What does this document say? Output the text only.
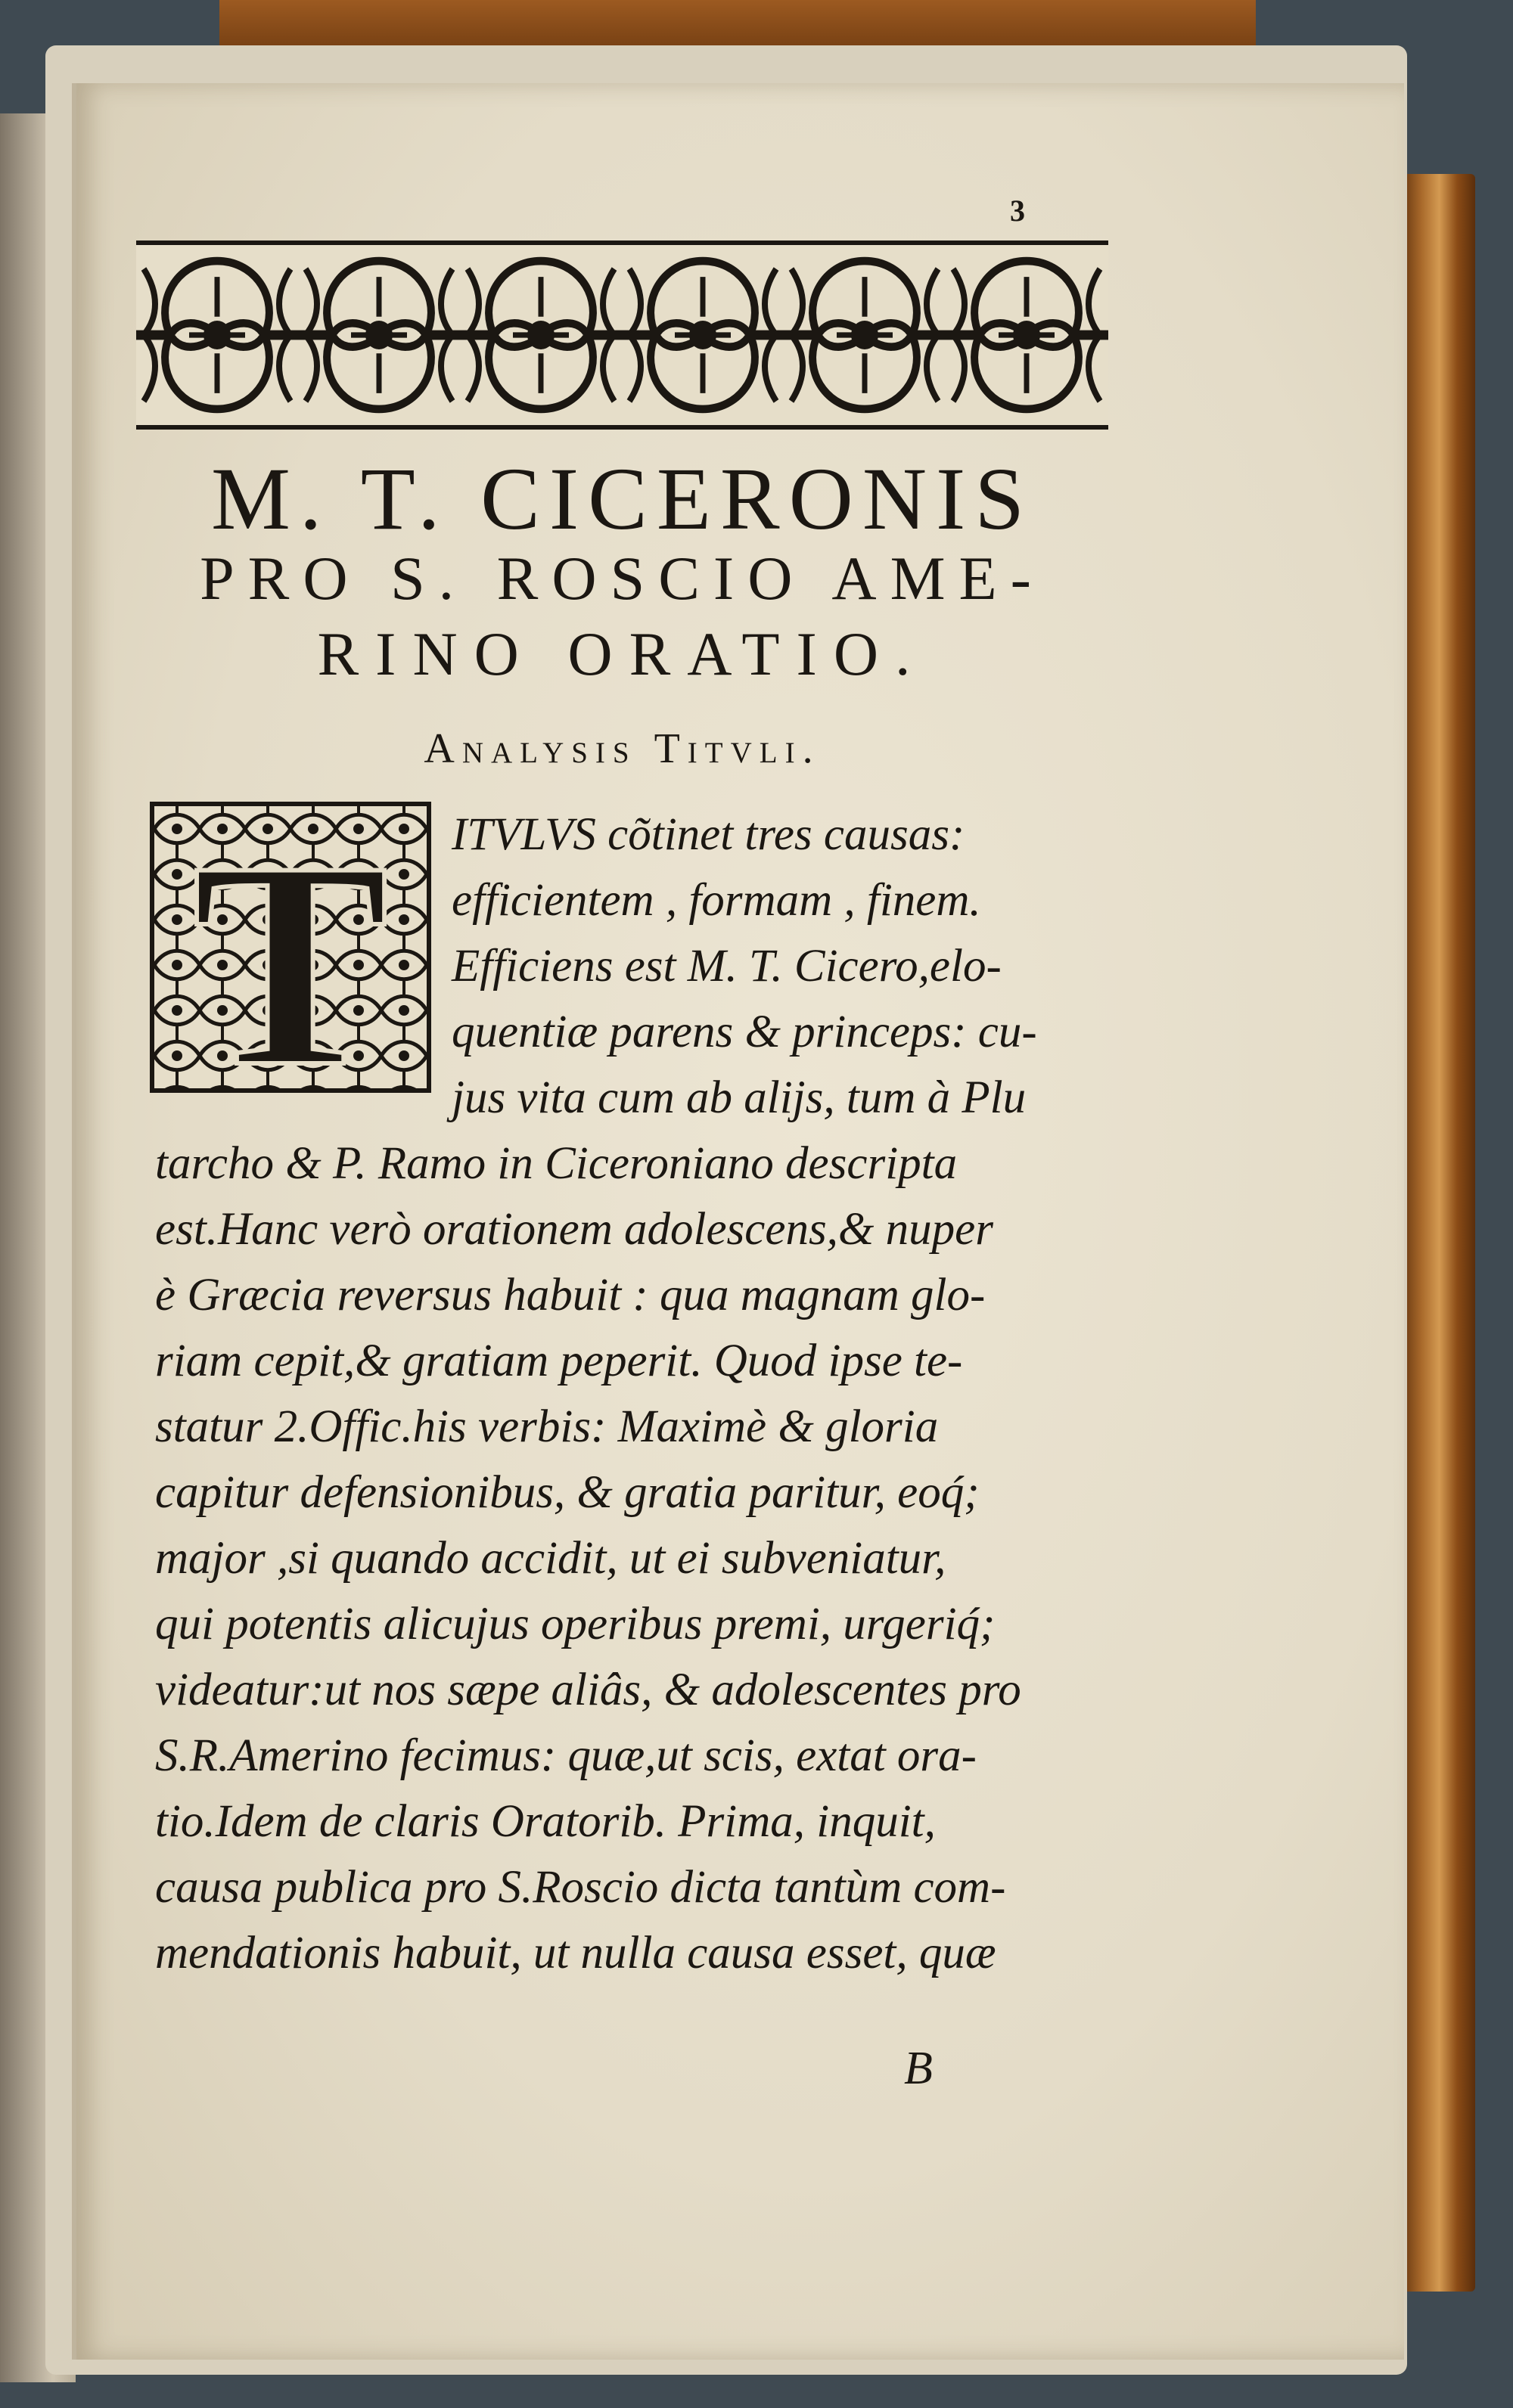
3
M. T. CICERONIS
PRO S. ROSCIO AME-
RINO ORATIO.
Analysis Titvli.
T	ITVLVS cõtinet tres causas:
efficientem , formam , finem.
Efficiens est M. T. Cicero,elo-
quentiæ parens & princeps: cu-
jus vita cum ab alijs, tum à Plu
tarcho & P. Ramo in Ciceroniano descripta
est.Hanc verò orationem adolescens,& nuper
è Græcia reversus habuit : qua magnam glo-
riam cepit,& gratiam peperit. Quod ipse te-
statur 2.Offic.his verbis: Maximè & gloria
capitur defensionibus, & gratia paritur, eoq́;
major ,si quando accidit, ut ei subveniatur,
qui potentis alicujus operibus premi, urgeriq́;
videatur:ut nos sæpe aliâs, & adolescentes pro
S.R.Amerino fecimus: quæ,ut scis, extat ora-
tio.Idem de claris Oratorib. Prima, inquit,
causa publica pro S.Roscio dicta tantùm com-
mendationis habuit, ut nulla causa esset, quæ
B
